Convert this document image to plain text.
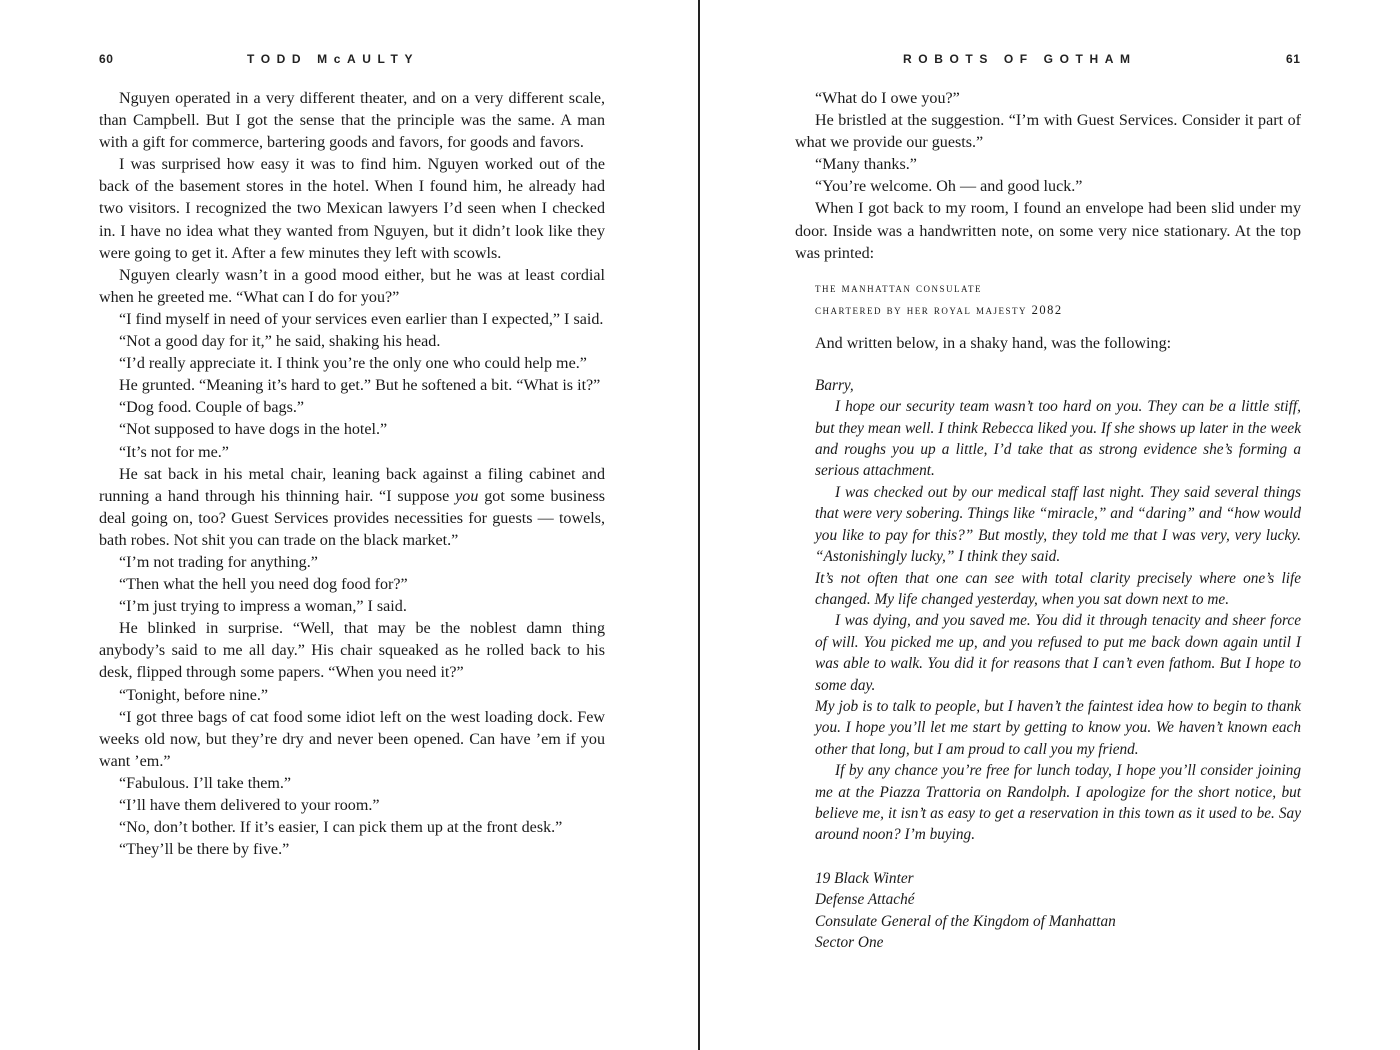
60	TODD McAULTY

Nguyen operated in a very different theater, and on a very different scale, than Campbell. But I got the sense that the principle was the same. A man with a gift for commerce, bartering goods and favors, for goods and favors.

I was surprised how easy it was to find him. Nguyen worked out of the back of the basement stores in the hotel. When I found him, he already had two visitors. I recognized the two Mexican lawyers I’d seen when I checked in. I have no idea what they wanted from Nguyen, but it didn’t look like they were going to get it. After a few minutes they left with scowls.

Nguyen clearly wasn’t in a good mood either, but he was at least cordial when he greeted me. “What can I do for you?”

“I find myself in need of your services even earlier than I expected,” I said.

“Not a good day for it,” he said, shaking his head.

“I’d really appreciate it. I think you’re the only one who could help me.”

He grunted. “Meaning it’s hard to get.” But he softened a bit. “What is it?”

“Dog food. Couple of bags.”

“Not supposed to have dogs in the hotel.”

“It’s not for me.”

He sat back in his metal chair, leaning back against a filing cabinet and running a hand through his thinning hair. “I suppose you got some business deal going on, too? Guest Services provides necessities for guests — towels, bath robes. Not shit you can trade on the black market.”

“I’m not trading for anything.”

“Then what the hell you need dog food for?”

“I’m just trying to impress a woman,” I said.

He blinked in surprise. “Well, that may be the noblest damn thing anybody’s said to me all day.” His chair squeaked as he rolled back to his desk, flipped through some papers. “When you need it?”

“Tonight, before nine.”

“I got three bags of cat food some idiot left on the west loading dock. Few weeks old now, but they’re dry and never been opened. Can have ’em if you want ’em.”

“Fabulous. I’ll take them.”

“I’ll have them delivered to your room.”

“No, don’t bother. If it’s easier, I can pick them up at the front desk.”

“They’ll be there by five.”

ROBOTS OF GOTHAM	61

“What do I owe you?”

He bristled at the suggestion. “I’m with Guest Services. Consider it part of what we provide our guests.”

“Many thanks.”

“You’re welcome. Oh — and good luck.”

When I got back to my room, I found an envelope had been slid under my door. Inside was a handwritten note, on some very nice stationary. At the top was printed:

the manhattan consulate
chartered by her royal majesty 2082

And written below, in a shaky hand, was the following:

Barry,

I hope our security team wasn’t too hard on you. They can be a little stiff, but they mean well. I think Rebecca liked you. If she shows up later in the week and roughs you up a little, I’d take that as strong evidence she’s forming a serious attachment.

I was checked out by our medical staff last night. They said several things that were very sobering. Things like “miracle,” and “daring” and “how would you like to pay for this?” But mostly, they told me that I was very, very lucky. “Astonishingly lucky,” I think they said.

It’s not often that one can see with total clarity precisely where one’s life changed. My life changed yesterday, when you sat down next to me.

I was dying, and you saved me. You did it through tenacity and sheer force of will. You picked me up, and you refused to put me back down again until I was able to walk. You did it for reasons that I can’t even fathom. But I hope to some day.

My job is to talk to people, but I haven’t the faintest idea how to begin to thank you. I hope you’ll let me start by getting to know you. We haven’t known each other that long, but I am proud to call you my friend.

If by any chance you’re free for lunch today, I hope you’ll consider joining me at the Piazza Trattoria on Randolph. I apologize for the short notice, but believe me, it isn’t as easy to get a reservation in this town as it used to be. Say around noon? I’m buying.

19 Black Winter
Defense Attaché
Consulate General of the Kingdom of Manhattan
Sector One
